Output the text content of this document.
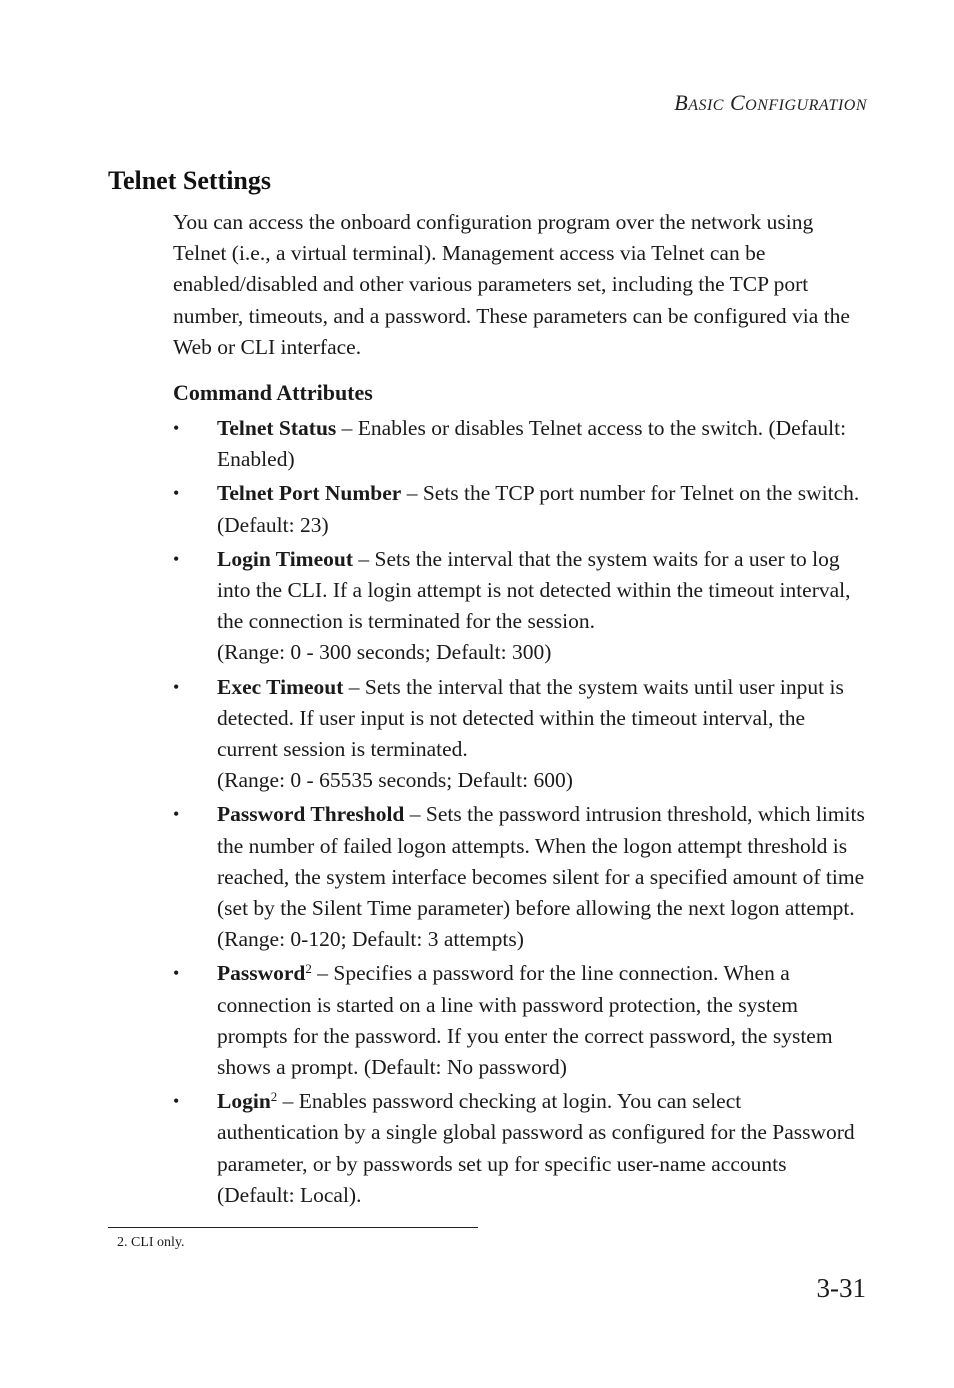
BASIC CONFIGURATION
Telnet Settings

You can access the onboard configuration program over the network using Telnet (i.e., a virtual terminal). Management access via Telnet can be enabled/disabled and other various parameters set, including the TCP port number, timeouts, and a password. These parameters can be configured via the Web or CLI interface.

Command Attributes
• Telnet Status – Enables or disables Telnet access to the switch. (Default: Enabled)
• Telnet Port Number – Sets the TCP port number for Telnet on the switch. (Default: 23)
• Login Timeout – Sets the interval that the system waits for a user to log into the CLI. If a login attempt is not detected within the timeout interval, the connection is terminated for the session.
(Range: 0 - 300 seconds; Default: 300)
• Exec Timeout – Sets the interval that the system waits until user input is detected. If user input is not detected within the timeout interval, the current session is terminated.
(Range: 0 - 65535 seconds; Default: 600)
• Password Threshold – Sets the password intrusion threshold, which limits the number of failed logon attempts. When the logon attempt threshold is reached, the system interface becomes silent for a specified amount of time (set by the Silent Time parameter) before allowing the next logon attempt. (Range: 0-120; Default: 3 attempts)
• Password$^2$ – Specifies a password for the line connection. When a connection is started on a line with password protection, the system prompts for the password. If you enter the correct password, the system shows a prompt. (Default: No password)
• Login$^2$ – Enables password checking at login. You can select authentication by a single global password as configured for the Password parameter, or by passwords set up for specific user-name accounts (Default: Local).
2. CLI only.
3-31
